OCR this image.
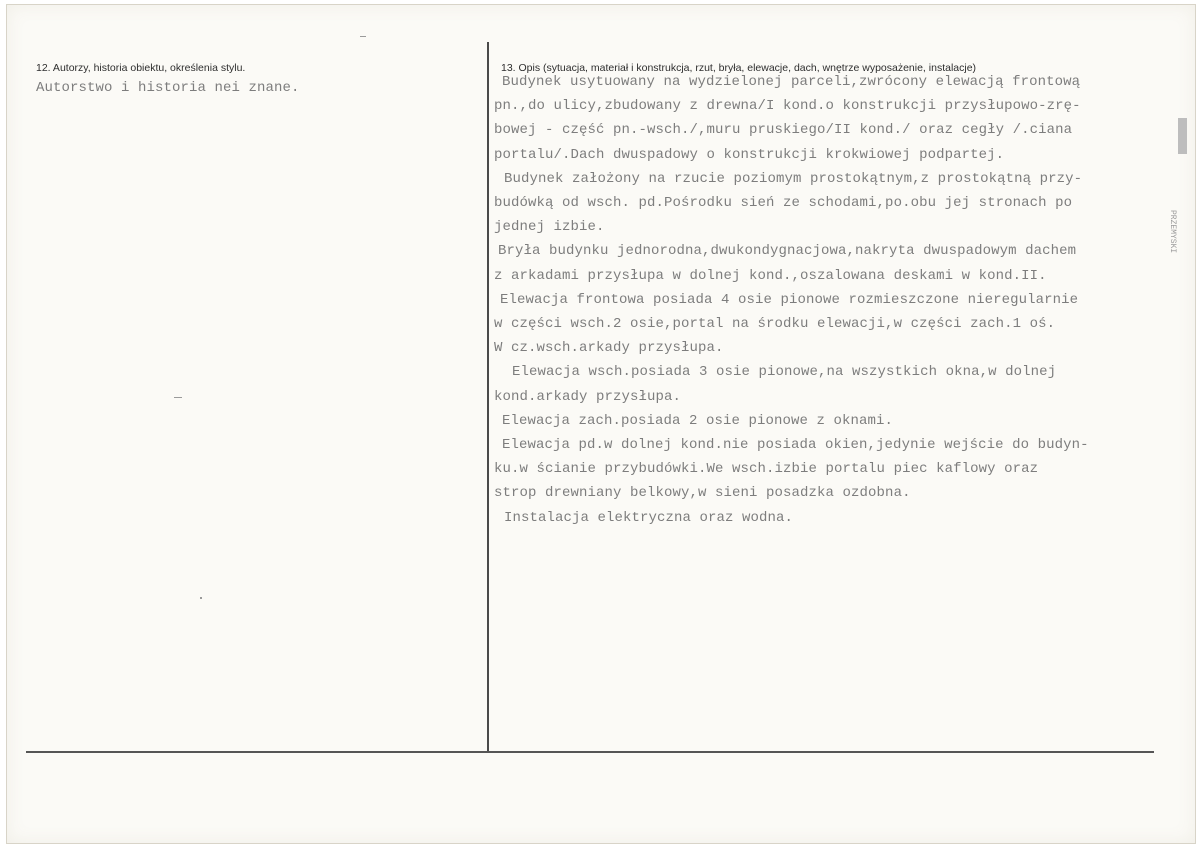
12. Autorzy, historia obiektu, określenia stylu.
Autorstwo i historia nei znane.
13. Opis (sytuacja, materiał i konstrukcja, rzut, bryła, elewacje, dach, wnętrze wyposażenie, instalacje)
Budynek usytuowany na wydzielonej parceli,zwrócony elewacją frontową
pn.,do ulicy,zbudowany z drewna/I kond.o konstrukcji przysłupowo-zrę-
bowej - część pn.-wsch./,muru pruskiego/II kond./ oraz cegły /.ciana
portalu/.Dach dwuspadowy o konstrukcji krokwiowej podpartej.
Budynek założony na rzucie poziomym prostokątnym,z prostokątną przy-
budówką od wsch. pd.Pośrodku sień ze schodami,po.obu jej stronach po
jednej izbie.
Bryła budynku jednorodna,dwukondygnacjowa,nakryta dwuspadowym dachem
z arkadami przysłupa w dolnej kond.,oszalowana deskami w kond.II.
Elewacja frontowa posiada 4 osie pionowe rozmieszczone nieregularnie
w części wsch.2 osie,portal na środku elewacji,w części zach.1 oś.
W cz.wsch.arkady przysłupa.
Elewacja wsch.posiada 3 osie pionowe,na wszystkich okna,w dolnej
kond.arkady przysłupa.
Elewacja zach.posiada 2 osie pionowe z oknami.
Elewacja pd.w dolnej kond.nie posiada okien,jedynie wejście do budyn-
ku.w ścianie przybudówki.We wsch.izbie portalu piec kaflowy oraz
strop drewniany belkowy,w sieni posadzka ozdobna.
Instalacja elektryczna oraz wodna.
PRZEMYSKI
